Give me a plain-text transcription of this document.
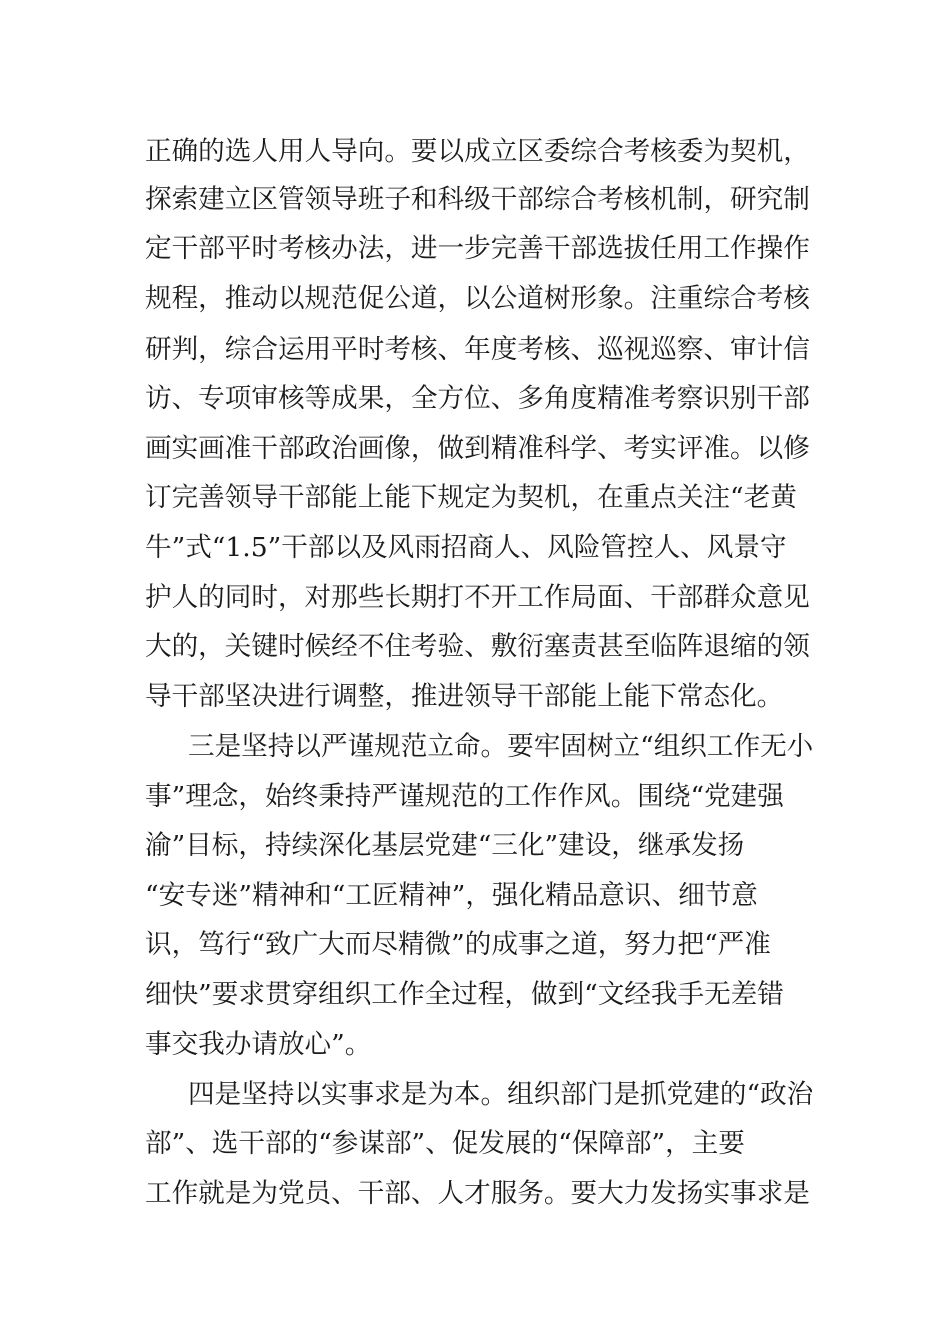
正确的选人用人导向。要以成立区委综合考核委为契机，
探索建立区管领导班子和科级干部综合考核机制，研究制
定干部平时考核办法，进一步完善干部选拔任用工作操作
规程，推动以规范促公道，以公道树形象。注重综合考核
研判，综合运用平时考核、年度考核、巡视巡察、审计信
访、专项审核等成果，全方位、多角度精准考察识别干部
画实画准干部政治画像，做到精准科学、考实评准。以修
订完善领导干部能上能下规定为契机，在重点关注“老黄
牛”式“1.5”干部以及风雨招商人、风险管控人、风景守
护人的同时，对那些长期打不开工作局面、干部群众意见
大的，关键时候经不住考验、敷衍塞责甚至临阵退缩的领
导干部坚决进行调整，推进领导干部能上能下常态化。
三是坚持以严谨规范立命。要牢固树立“组织工作无小
事”理念，始终秉持严谨规范的工作作风。围绕“党建强
渝”目标，持续深化基层党建“三化”建设，继承发扬
“安专迷”精神和“工匠精神”，强化精品意识、细节意
识，笃行“致广大而尽精微”的成事之道，努力把“严准
细快”要求贯穿组织工作全过程，做到“文经我手无差错
事交我办请放心”。
四是坚持以实事求是为本。组织部门是抓党建的“政治
部”、选干部的“参谋部”、促发展的“保障部”，主要
工作就是为党员、干部、人才服务。要大力发扬实事求是
